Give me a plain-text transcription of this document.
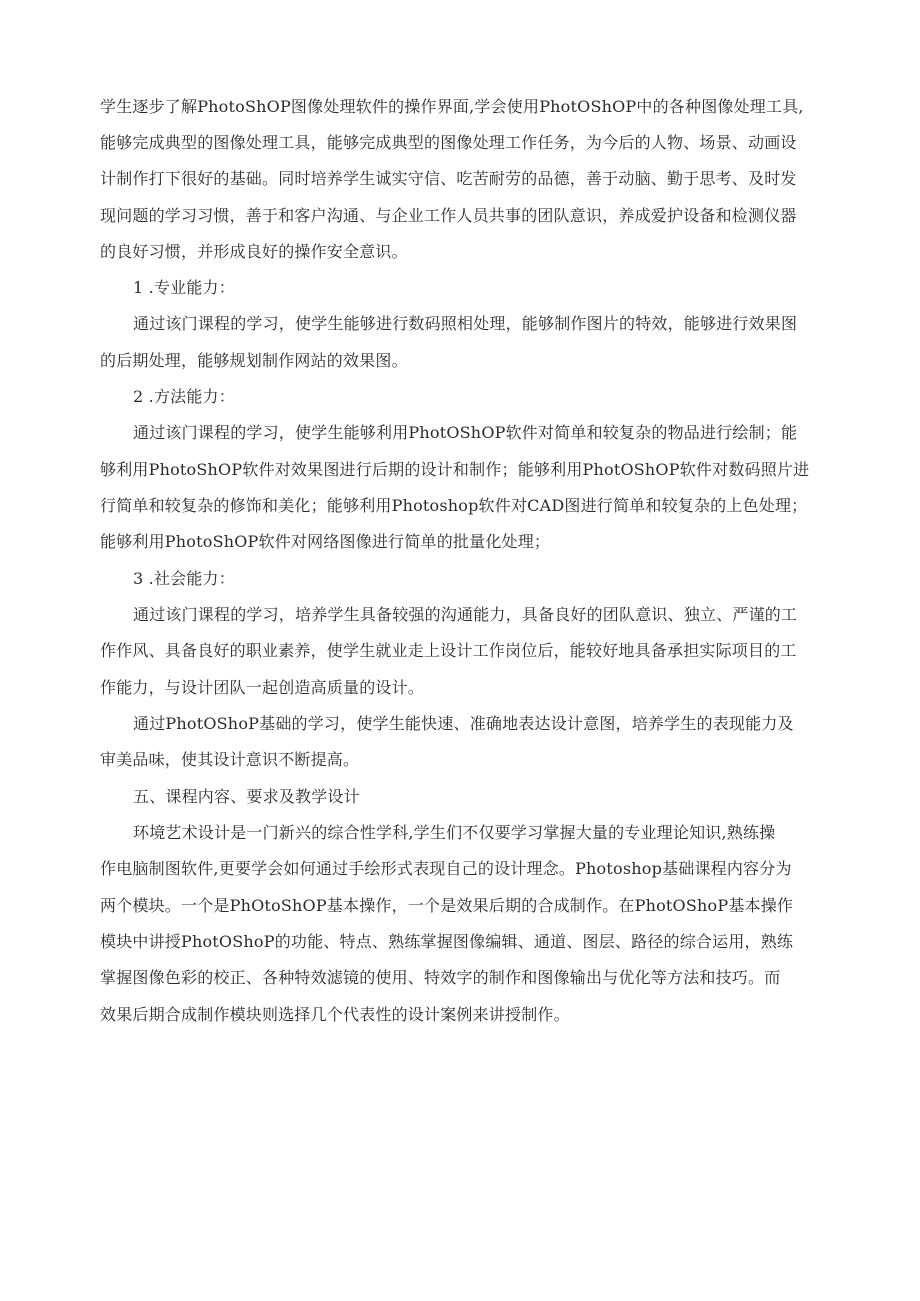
学生逐步了解PhotoShOP图像处理软件的操作界面,学会使用PhotOShOP中的各种图像处理工具,
能够完成典型的图像处理工具，能够完成典型的图像处理工作任务，为今后的人物、场景、动画设
计制作打下很好的基础。同时培养学生诚实守信、吃苦耐劳的品德，善于动脑、勤于思考、及时发
现问题的学习习惯，善于和客户沟通、与企业工作人员共事的团队意识，养成爱护设备和检测仪器
的良好习惯，并形成良好的操作安全意识。
1 .专业能力：
通过该门课程的学习，使学生能够进行数码照相处理，能够制作图片的特效，能够进行效果图
的后期处理，能够规划制作网站的效果图。
2 .方法能力：
通过该门课程的学习，使学生能够利用PhotOShOP软件对简单和较复杂的物品进行绘制；能
够利用PhotoShOP软件对效果图进行后期的设计和制作；能够利用PhotOShOP软件对数码照片进
行简单和较复杂的修饰和美化；能够利用Photoshop软件对CAD图进行简单和较复杂的上色处理；
能够利用PhotoShOP软件对网络图像进行简单的批量化处理；
3 .社会能力：
通过该门课程的学习，培养学生具备较强的沟通能力，具备良好的团队意识、独立、严谨的工
作作风、具备良好的职业素养，使学生就业走上设计工作岗位后，能较好地具备承担实际项目的工
作能力，与设计团队一起创造高质量的设计。
通过PhotOShoP基础的学习，使学生能快速、准确地表达设计意图，培养学生的表现能力及
审美品味，使其设计意识不断提高。
五、课程内容、要求及教学设计
环境艺术设计是一门新兴的综合性学科,学生们不仅要学习掌握大量的专业理论知识,熟练操
作电脑制图软件,更要学会如何通过手绘形式表现自己的设计理念。Photoshop基础课程内容分为
两个模块。一个是PhOtoShOP基本操作，一个是效果后期的合成制作。在PhotOShoP基本操作
模块中讲授PhotOShoP的功能、特点、熟练掌握图像编辑、通道、图层、路径的综合运用，熟练
掌握图像色彩的校正、各种特效滤镜的使用、特效字的制作和图像输出与优化等方法和技巧。而
效果后期合成制作模块则选择几个代表性的设计案例来讲授制作。
